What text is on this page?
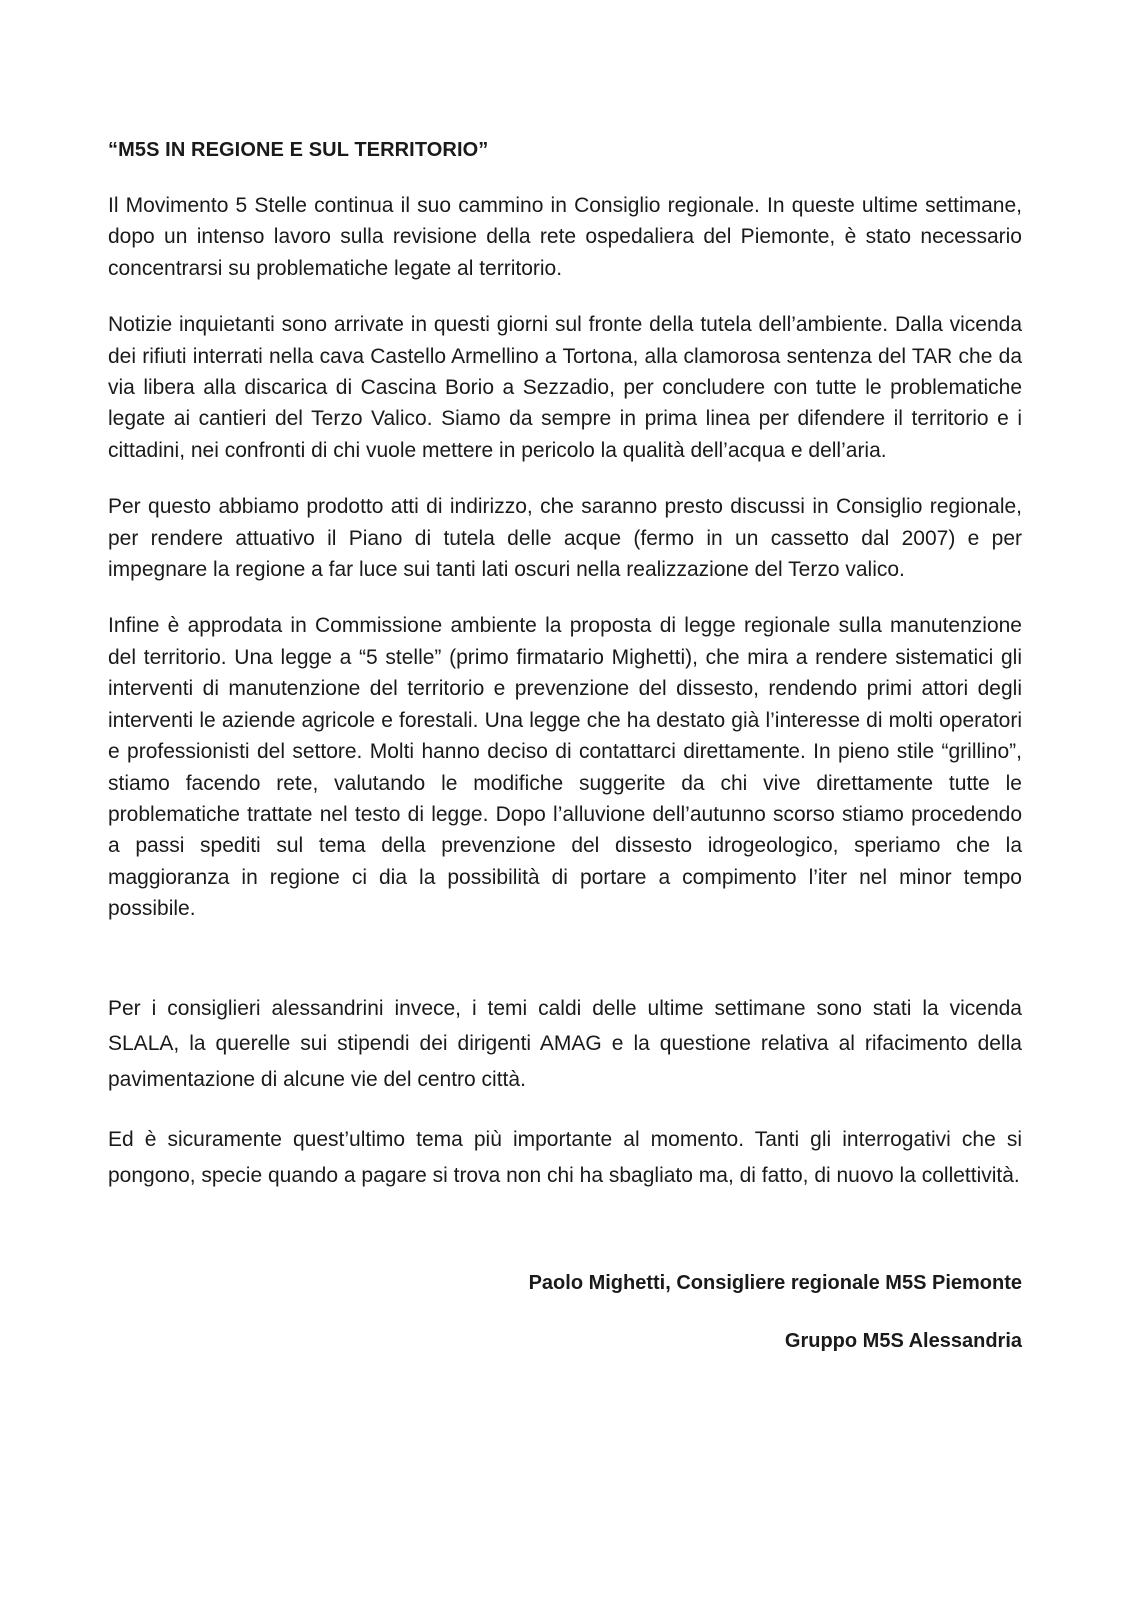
“M5S IN REGIONE E SUL TERRITORIO”

Il Movimento 5 Stelle continua il suo cammino in Consiglio regionale. In queste ultime settimane, dopo un intenso lavoro sulla revisione della rete ospedaliera del Piemonte, è stato necessario concentrarsi su problematiche legate al territorio.

Notizie inquietanti sono arrivate in questi giorni sul fronte della tutela dell’ambiente. Dalla vicenda dei rifiuti interrati nella cava Castello Armellino a Tortona, alla clamorosa sentenza del TAR che da via libera alla discarica di Cascina Borio a Sezzadio, per concludere con tutte le problematiche legate ai cantieri del Terzo Valico. Siamo da sempre in prima linea per difendere il territorio e i cittadini, nei confronti di chi vuole mettere in pericolo la qualità dell’acqua e dell’aria.

Per questo abbiamo prodotto atti di indirizzo, che saranno presto discussi in Consiglio regionale, per rendere attuativo il Piano di tutela delle acque (fermo in un cassetto dal 2007) e per impegnare la regione a far luce sui tanti lati oscuri nella realizzazione del Terzo valico.

Infine è approdata in Commissione ambiente la proposta di legge regionale sulla manutenzione del territorio. Una legge a “5 stelle” (primo firmatario Mighetti), che mira a rendere sistematici gli interventi di manutenzione del territorio e prevenzione del dissesto, rendendo primi attori degli interventi le aziende agricole e forestali. Una legge che ha destato già l’interesse di molti operatori e professionisti del settore. Molti hanno deciso di contattarci direttamente. In pieno stile “grillino”, stiamo facendo rete, valutando le modifiche suggerite da chi vive direttamente tutte le problematiche trattate nel testo di legge. Dopo l’alluvione dell’autunno scorso stiamo procedendo a passi spediti sul tema della prevenzione del dissesto idrogeologico, speriamo che la maggioranza in regione ci dia la possibilità di portare a compimento l’iter nel minor tempo possibile.

Per i consiglieri alessandrini invece, i temi caldi delle ultime settimane sono stati la vicenda SLALA, la querelle sui stipendi dei dirigenti AMAG e la questione relativa al rifacimento della pavimentazione di alcune vie del centro città.

Ed è sicuramente quest’ultimo tema più importante al momento. Tanti gli interrogativi che si pongono, specie quando a pagare si trova non chi ha sbagliato ma, di fatto, di nuovo la collettività.

Paolo Mighetti, Consigliere regionale M5S Piemonte
Gruppo M5S Alessandria
